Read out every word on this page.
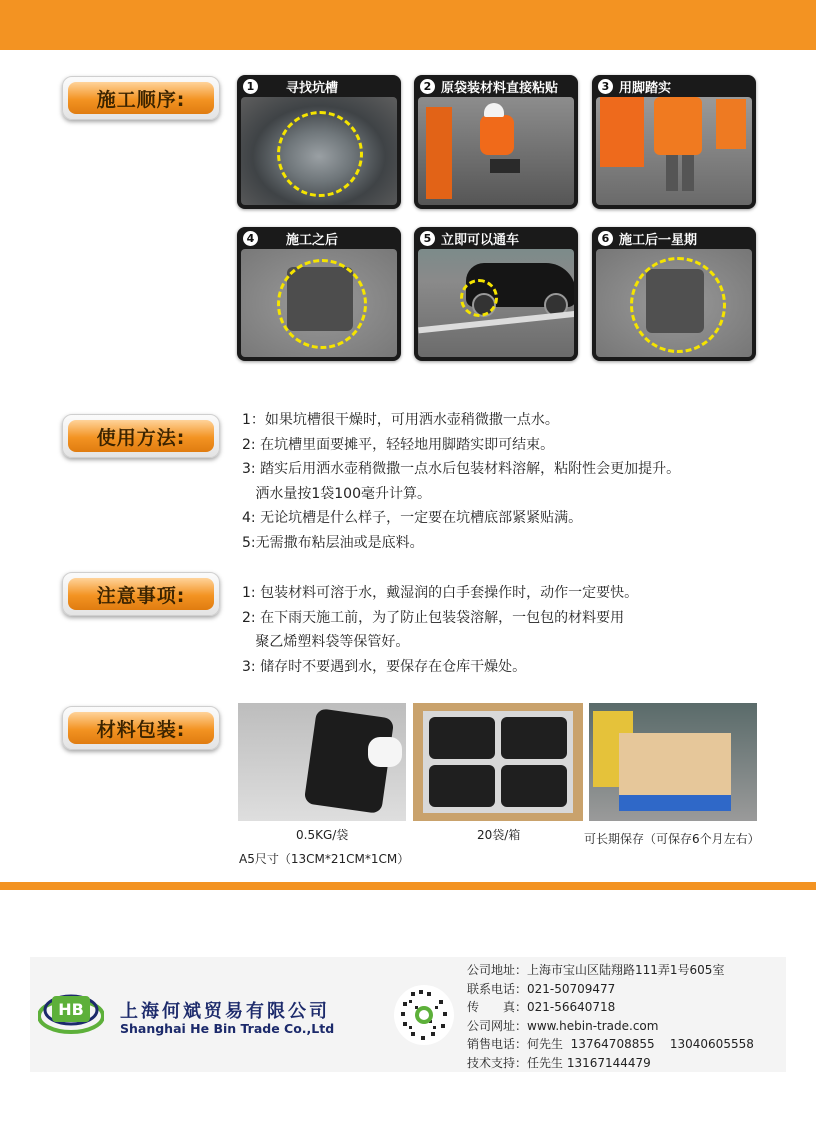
施工顺序:
1 寻找坑槽	2 原袋装材料直接粘贴	3 用脚踏实
4 施工之后	5 立即可以通车	6 施工后一星期
使用方法:
1：如果坑槽很干燥时，可用洒水壶稍微撒一点水。
2: 在坑槽里面要摊平，轻轻地用脚踏实即可结束。
3: 踏实后用洒水壶稍微撒一点水后包装材料溶解，粘附性会更加提升。
洒水量按1袋100毫升计算。
4: 无论坑槽是什么样子，一定要在坑槽底部紧紧贴满。
5:无需撒布粘层油或是底料。
注意事项:	1: 包装材料可溶于水，戴湿润的白手套操作时，动作一定要快。
2: 在下雨天施工前，为了防止包装袋溶解，一包包的材料要用
聚乙烯塑料袋等保管好。
3: 储存时不要遇到水，要保存在仓库干燥处。
材料包装:
0.5KG/袋
A5尺寸（13CM*21CM*1CM）
20袋/箱	可长期保存（可保存6个月左右）
HB	上海何斌贸易有限公司
Shanghai He Bin Trade Co.,Ltd
公司地址：上海市宝山区陆翔路111弄1号605室
联系电话：021-50709477
传　　真：021-56640718
公司网址：www.hebin-trade.com
销售电话：何先生  13764708855    13040605558
技术支持：任先生 13167144479
